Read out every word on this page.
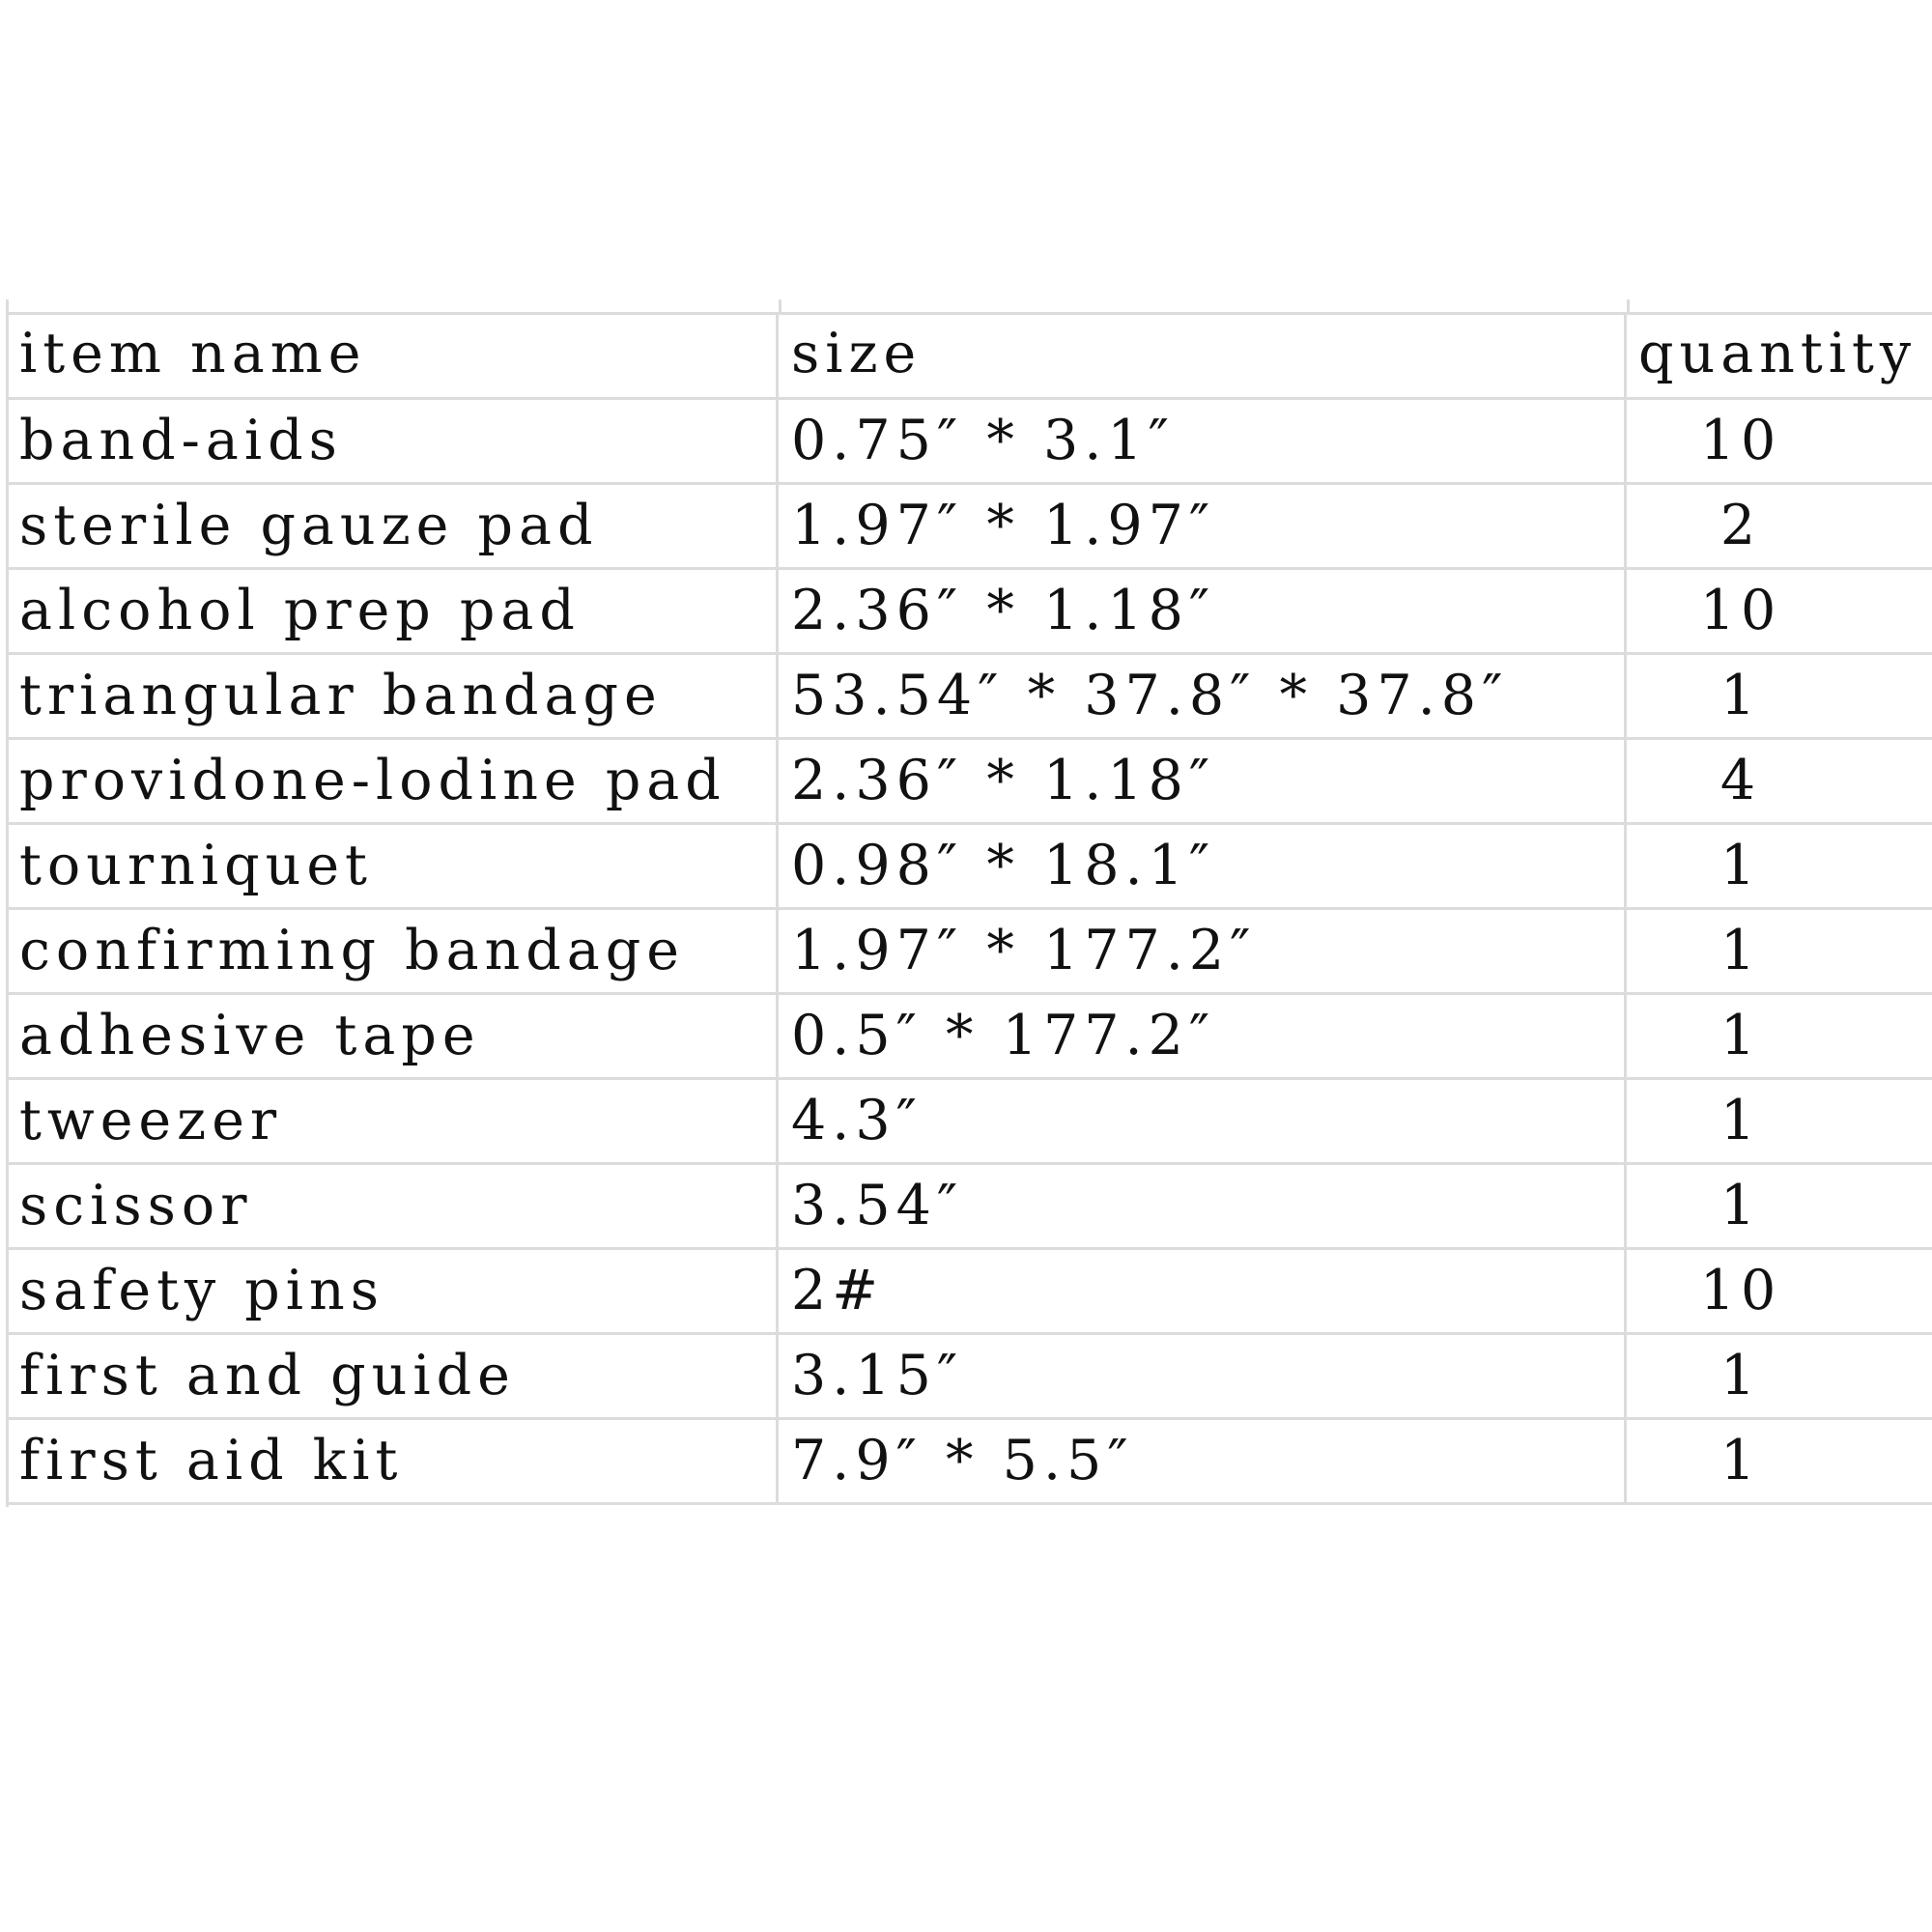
item name	size	quantity
band-aids	0.75″ * 3.1″	10
sterile gauze pad	1.97″ * 1.97″	2
alcohol prep pad	2.36″ * 1.18″	10
triangular bandage	53.54″ * 37.8″ * 37.8″	1
providone-lodine pad	2.36″ * 1.18″	4
tourniquet	0.98″ * 18.1″	1
confirming bandage	1.97″ * 177.2″	1
adhesive tape	0.5″ * 177.2″	1
tweezer	4.3″	1
scissor	3.54″	1
safety pins	2#	10
first and guide	3.15″	1
first aid kit	7.9″ * 5.5″	1
